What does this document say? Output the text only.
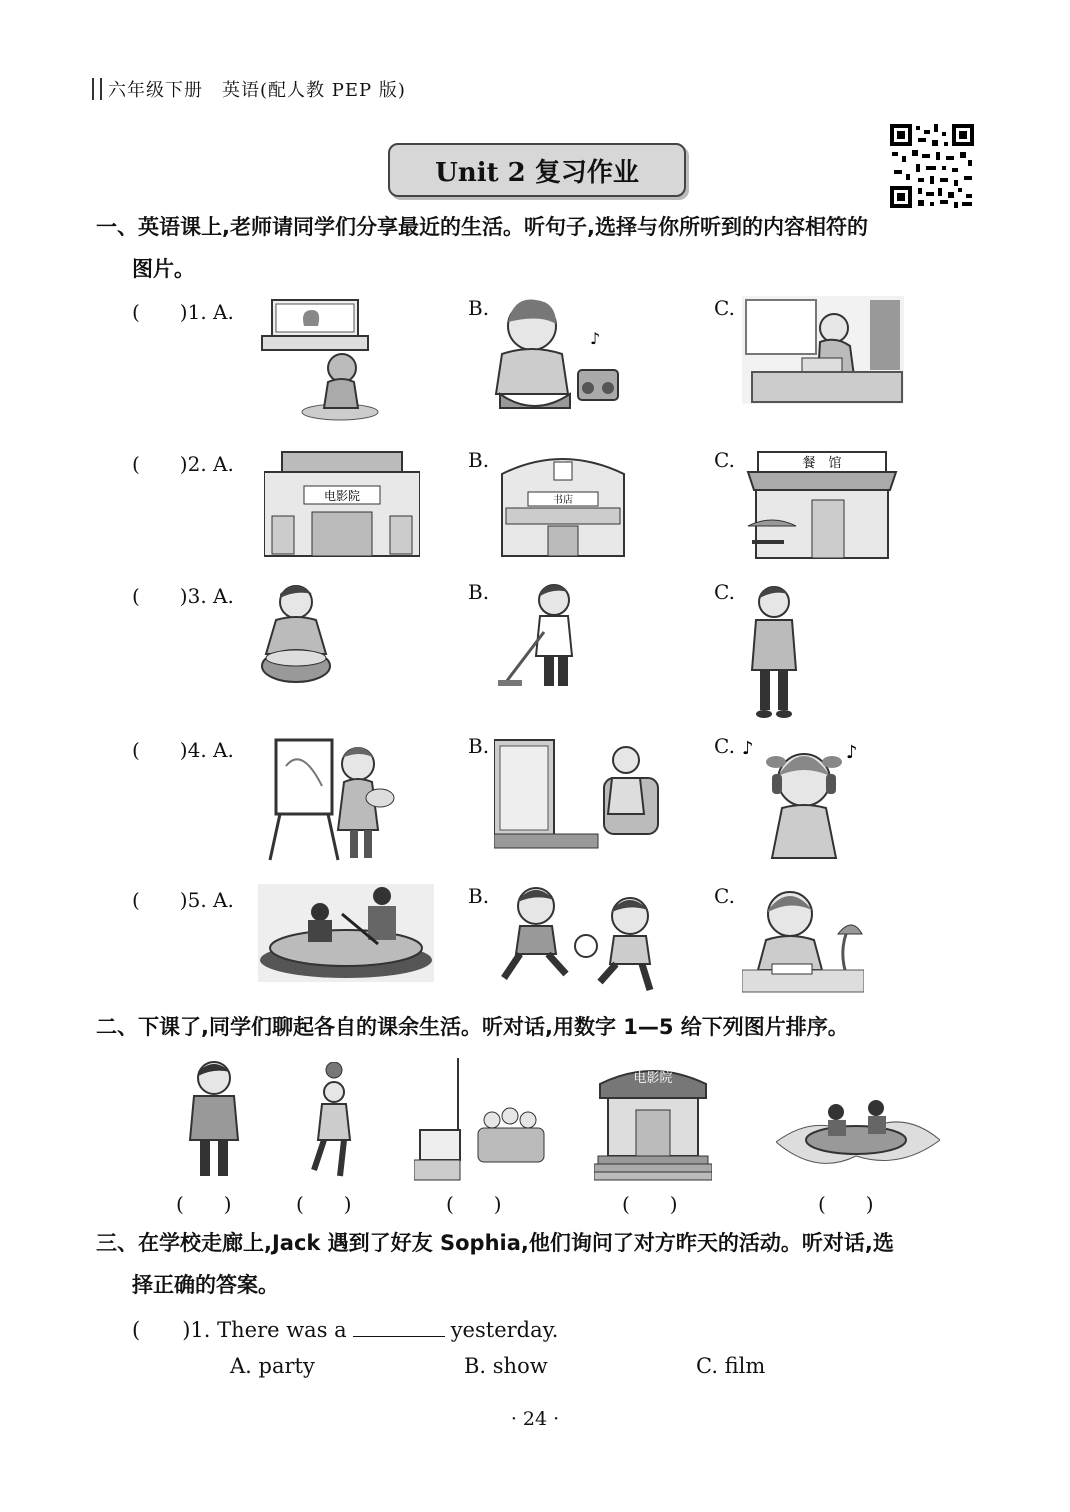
六年级下册　英语(配人教 PEP 版)
Unit 2 复习作业
一、英语课上,老师请同学们分享最近的生活。听句子,选择与你所听到的内容相符的
图片。
(　　)1. A.	B.	C.
♪
(　　)2. A.	B.	C.
电影院	书店
餐　馆
(　　)3. A.	B.	C.
(　　)4. A.	B.	C. ♪	♪
(　　)5. A.	B.	C.
二、下课了,同学们聊起各自的课余生活。听对话,用数字 1—5 给下列图片排序。
电影院
(　　)	(　　)	(　　)	(　　)	(　　)
三、在学校走廊上,Jack 遇到了好友 Sophia,他们询问了对方昨天的活动。听对话,选
择正确的答案。
(　　)1. There was a	yesterday.
A. party	B. show	C. film
· 24 ·
